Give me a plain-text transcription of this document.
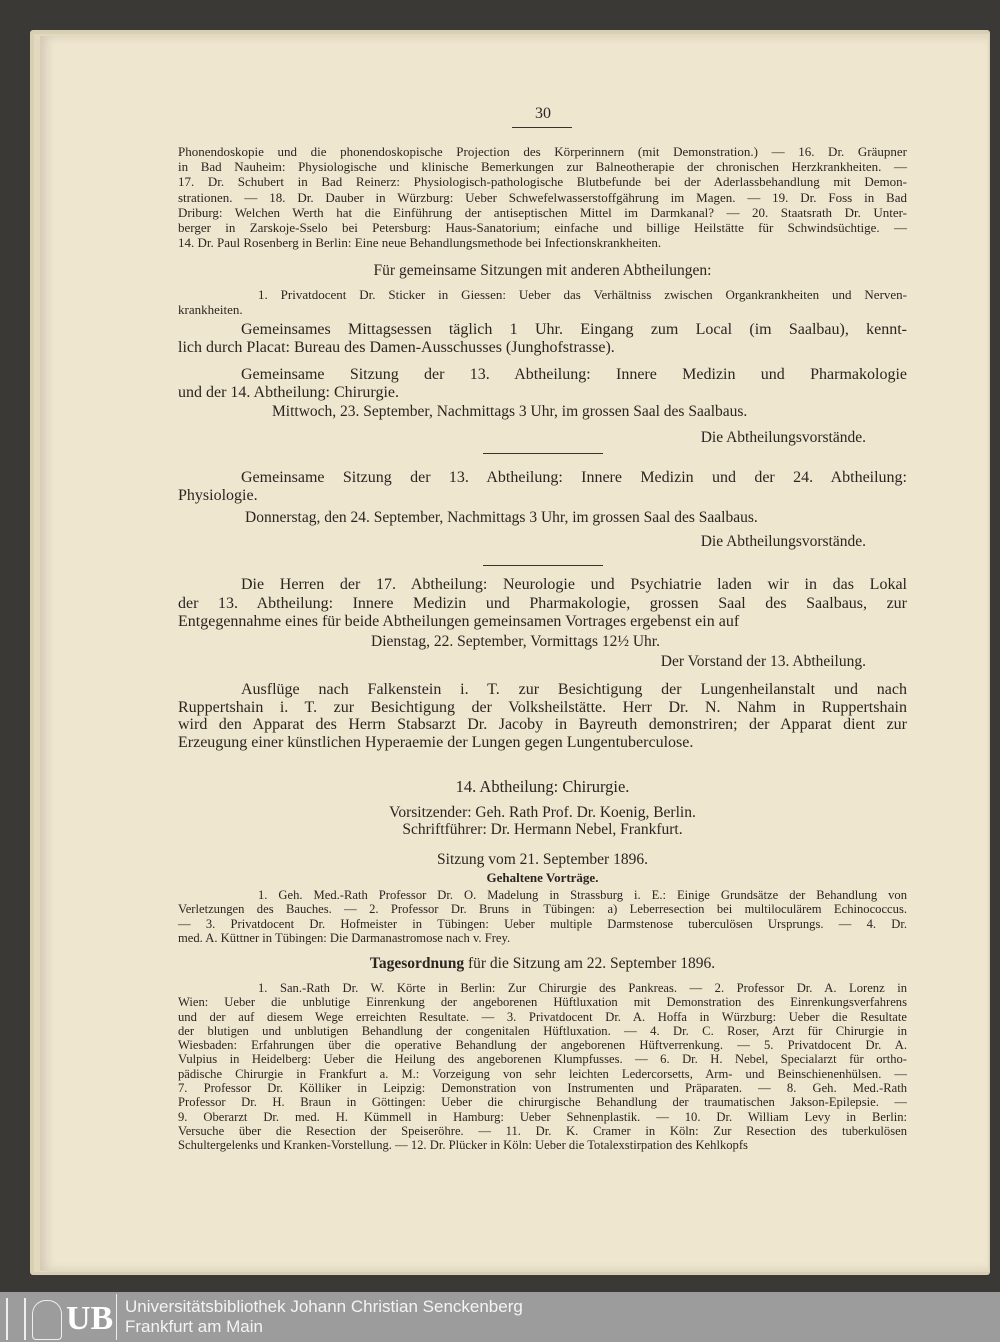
30
Phonendoskopie und die phonendoskopische Projection des Körperinnern (mit Demonstration.) — 16. Dr. Gräupner
in Bad Nauheim: Physiologische und klinische Bemerkungen zur Balneotherapie der chronischen Herzkrankheiten. —
17. Dr. Schubert in Bad Reinerz: Physiologisch-pathologische Blutbefunde bei der Aderlassbehandlung mit Demon-
strationen. — 18. Dr. Dauber in Würzburg: Ueber Schwefelwasserstoffgährung im Magen. — 19. Dr. Foss in Bad
Driburg: Welchen Werth hat die Einführung der antiseptischen Mittel im Darmkanal? — 20. Staatsrath Dr. Unter-
berger in Zarskoje-Sselo bei Petersburg: Haus-Sanatorium; einfache und billige Heilstätte für Schwindsüchtige. —
14. Dr. Paul Rosenberg in Berlin: Eine neue Behandlungsmethode bei Infectionskrankheiten.
Für gemeinsame Sitzungen mit anderen Abtheilungen:
1. Privatdocent Dr. Sticker in Giessen: Ueber das Verhältniss zwischen Organkrankheiten und Nerven-
krankheiten.
Gemeinsames Mittagsessen täglich 1 Uhr. Eingang zum Local (im Saalbau), kennt-
lich durch Placat: Bureau des Damen-Ausschusses (Junghofstrasse).
Gemeinsame Sitzung der 13. Abtheilung: Innere Medizin und Pharmakologie
und der 14. Abtheilung: Chirurgie.
Mittwoch, 23. September, Nachmittags 3 Uhr, im grossen Saal des Saalbaus.
Die Abtheilungsvorstände.
Gemeinsame Sitzung der 13. Abtheilung: Innere Medizin und der 24. Abtheilung:
Physiologie.
Donnerstag, den 24. September, Nachmittags 3 Uhr, im grossen Saal des Saalbaus.
Die Abtheilungsvorstände.
Die Herren der 17. Abtheilung: Neurologie und Psychiatrie laden wir in das Lokal
der 13. Abtheilung: Innere Medizin und Pharmakologie, grossen Saal des Saalbaus, zur
Entgegennahme eines für beide Abtheilungen gemeinsamen Vortrages ergebenst ein auf
Dienstag, 22. September, Vormittags 12½ Uhr.
Der Vorstand der 13. Abtheilung.
Ausflüge nach Falkenstein i. T. zur Besichtigung der Lungenheilanstalt und nach
Ruppertshain i. T. zur Besichtigung der Volksheilstätte. Herr Dr. N. Nahm in Ruppertshain
wird den Apparat des Herrn Stabsarzt Dr. Jacoby in Bayreuth demonstriren; der Apparat dient zur
Erzeugung einer künstlichen Hyperaemie der Lungen gegen Lungentuberculose.
14. Abtheilung: Chirurgie.
Vorsitzender: Geh. Rath Prof. Dr. Koenig, Berlin.
Schriftführer: Dr. Hermann Nebel, Frankfurt.
Sitzung vom 21. September 1896.
Gehaltene Vorträge.
1. Geh. Med.-Rath Professor Dr. O. Madelung in Strassburg i. E.: Einige Grundsätze der Behandlung von
Verletzungen des Bauches. — 2. Professor Dr. Bruns in Tübingen: a) Leberresection bei multiloculärem Echinococcus.
— 3. Privatdocent Dr. Hofmeister in Tübingen: Ueber multiple Darmstenose tuberculösen Ursprungs. — 4. Dr.
med. A. Küttner in Tübingen: Die Darmanastromose nach v. Frey.
Tagesordnung für die Sitzung am 22. September 1896.
1. San.-Rath Dr. W. Körte in Berlin: Zur Chirurgie des Pankreas. — 2. Professor Dr. A. Lorenz in
Wien: Ueber die unblutige Einrenkung der angeborenen Hüftluxation mit Demonstration des Einrenkungsverfahrens
und der auf diesem Wege erreichten Resultate. — 3. Privatdocent Dr. A. Hoffa in Würzburg: Ueber die Resultate
der blutigen und unblutigen Behandlung der congenitalen Hüftluxation. — 4. Dr. C. Roser, Arzt für Chirurgie in
Wiesbaden: Erfahrungen über die operative Behandlung der angeborenen Hüftverrenkung. — 5. Privatdocent Dr. A.
Vulpius in Heidelberg: Ueber die Heilung des angeborenen Klumpfusses. — 6. Dr. H. Nebel, Specialarzt für ortho-
pädische Chirurgie in Frankfurt a. M.: Vorzeigung von sehr leichten Ledercorsetts, Arm- und Beinschienenhülsen. —
7. Professor Dr. Kölliker in Leipzig: Demonstration von Instrumenten und Präparaten. — 8. Geh. Med.-Rath
Professor Dr. H. Braun in Göttingen: Ueber die chirurgische Behandlung der traumatischen Jakson-Epilepsie. —
9. Oberarzt Dr. med. H. Kümmell in Hamburg: Ueber Sehnenplastik. — 10. Dr. William Levy in Berlin:
Versuche über die Resection der Speiseröhre. — 11. Dr. K. Cramer in Köln: Zur Resection des tuberkulösen
Schultergelenks und Kranken-Vorstellung. — 12. Dr. Plücker in Köln: Ueber die Totalexstirpation des Kehlkopfs
UB Universitätsbibliothek Johann Christian Senckenberg
Frankfurt am Main
